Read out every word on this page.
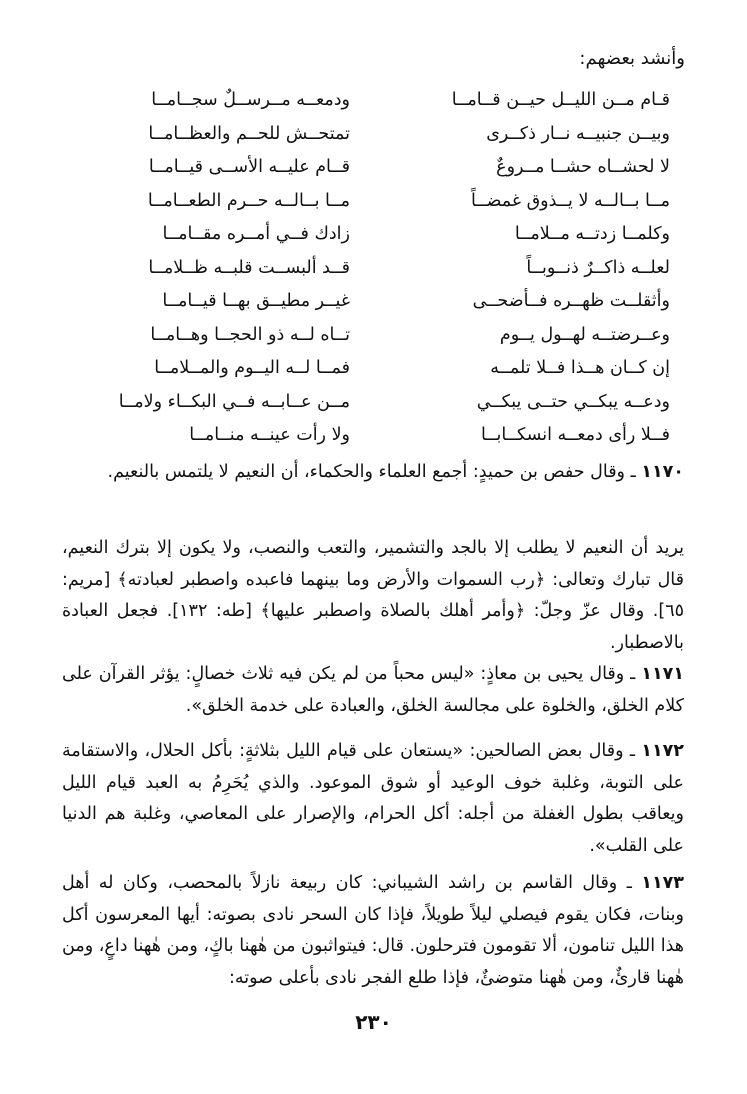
وأنشد بعضهم:
قـام مــن الليــل حيــن قــامــا
ودمعــه مــرســلٌ سجــامــا
وبيــن جنبيــه نــار ذكــرى
تمتحــش للحــم والعظــامــا
لا لحشــاه حشــا مــروعٌ
قــام عليــه الأســى قيــامــا
مــا بــالــه لا يــذوق غمضــاً
مــا بــالــه حــرم الطعــامــا
وكلمــا زدتــه مــلامــا
زادك فــي أمــره مقــامــا
لعلــه ذاكــرٌ ذنــوبــاً
قــد ألبســت قلبــه ظــلامــا
وأثقلــت ظهــره فــأضحــى
غيــر مطيــق بهــا قيــامــا
وعــرضتــه لهــول يــوم
تــاه لــه ذو الحجــا وهــامــا
إن كــان هــذا فــلا تلمــه
فمــا لــه اليــوم والمــلامــا
ودعــه يبكــي حتــى يبكــي
مــن عــابــه فــي البكــاء ولامــا
فــلا رأى دمعــه انسكــابــا
ولا رأت عينــه منــامــا
١١٧٠ ـ وقال حفص بن حميدٍ: أجمع العلماء والحكماء، أن النعيم لا يلتمس بالنعيم.
يريد أن النعيم لا يطلب إلا بالجد والتشمير، والتعب والنصب، ولا يكون إلا بترك النعيم، قال تبارك وتعالى: ﴿رب السموات والأرض وما بينهما فاعبده واصطبر لعبادته﴾ [مريم: ٦٥]. وقال عزّ وجلّ: ﴿وأمر أهلك بالصلاة واصطبر عليها﴾ [طه: ١٣٢]. فجعل العبادة بالاصطبار.
١١٧١ ـ وقال يحيى بن معاذٍ: «ليس محباً من لم يكن فيه ثلاث خصالٍ: يؤثر القرآن على كلام الخلق، والخلوة على مجالسة الخلق، والعبادة على خدمة الخلق».
١١٧٢ ـ وقال بعض الصالحين: «يستعان على قيام الليل بثلاثةٍ: بأكل الحلال، والاستقامة على التوبة، وغلبة خوف الوعيد أو شوق الموعود. والذي يُحَرِمُ به العبد قيام الليل ويعاقب بطول الغفلة من أجله: أكل الحرام، والإصرار على المعاصي، وغلبة هم الدنيا على القلب».
١١٧٣ ـ وقال القاسم بن راشد الشيباني: كان ربيعة نازلاً بالمحصب، وكان له أهل وبنات، فكان يقوم فيصلي ليلاً طويلاً، فإذا كان السحر نادى بصوته: أيها المعرسون أكل هذا الليل تنامون، ألا تقومون فترحلون. قال: فيتواثبون من هٰهنا باكٍ، ومن هٰهنا داعٍ، ومن هٰهنا قارئٌ، ومن هٰهنا متوضئٌ، فإذا طلع الفجر نادى بأعلى صوته:
٢٣٠
